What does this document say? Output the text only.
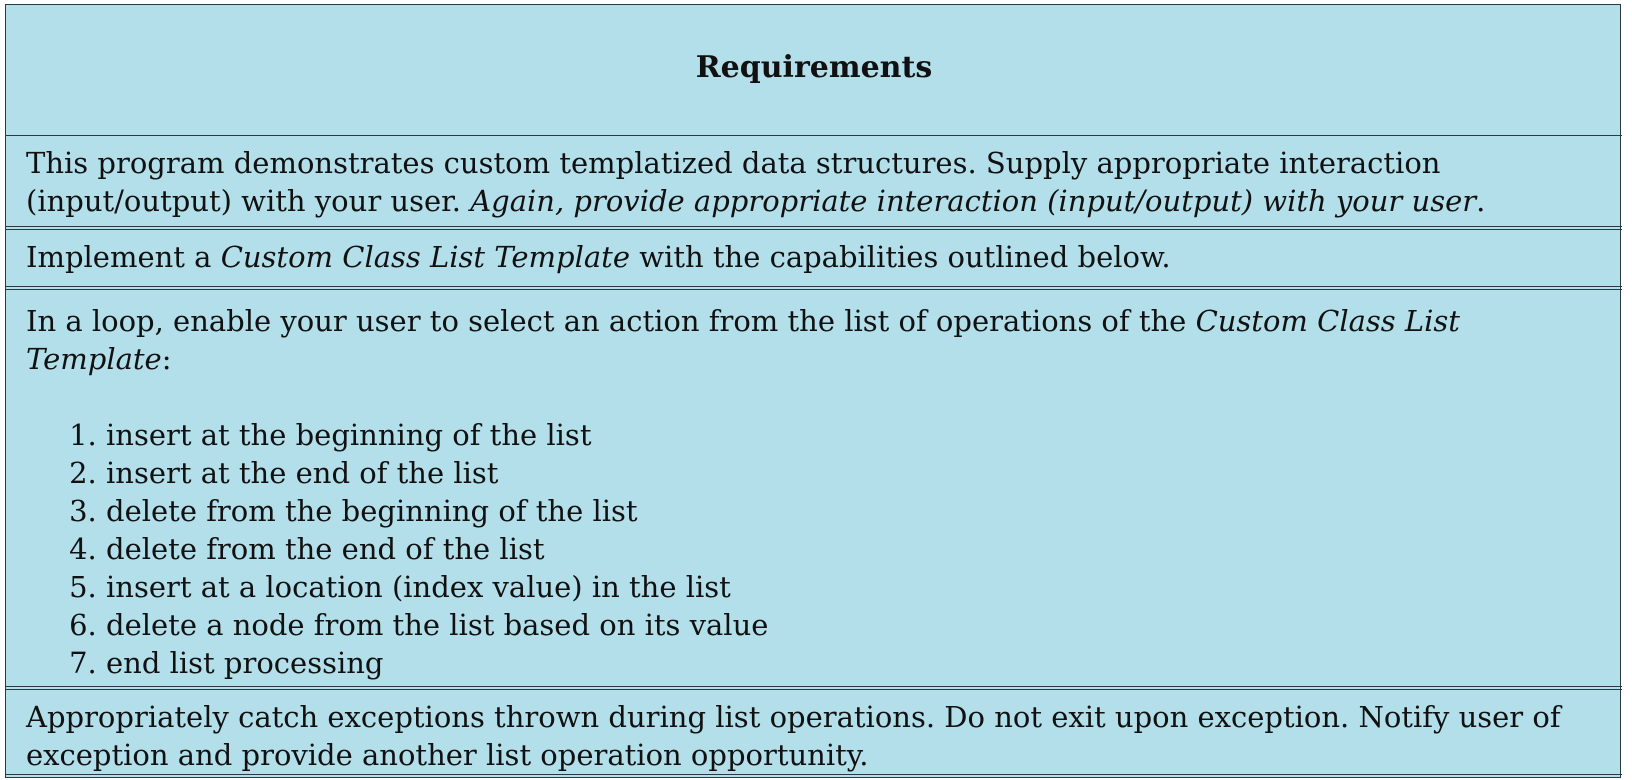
Requirements
This program demonstrates custom templatized data structures. Supply appropriate interaction (input/output) with your user. Again, provide appropriate interaction (input/output) with your user.
Implement a Custom Class List Template with the capabilities outlined below.
In a loop, enable your user to select an action from the list of operations of the Custom Class List Template:
1. insert at the beginning of the list
2. insert at the end of the list
3. delete from the beginning of the list
4. delete from the end of the list
5. insert at a location (index value) in the list
6. delete a node from the list based on its value
7. end list processing
Appropriately catch exceptions thrown during list operations. Do not exit upon exception. Notify user of exception and provide another list operation opportunity.
